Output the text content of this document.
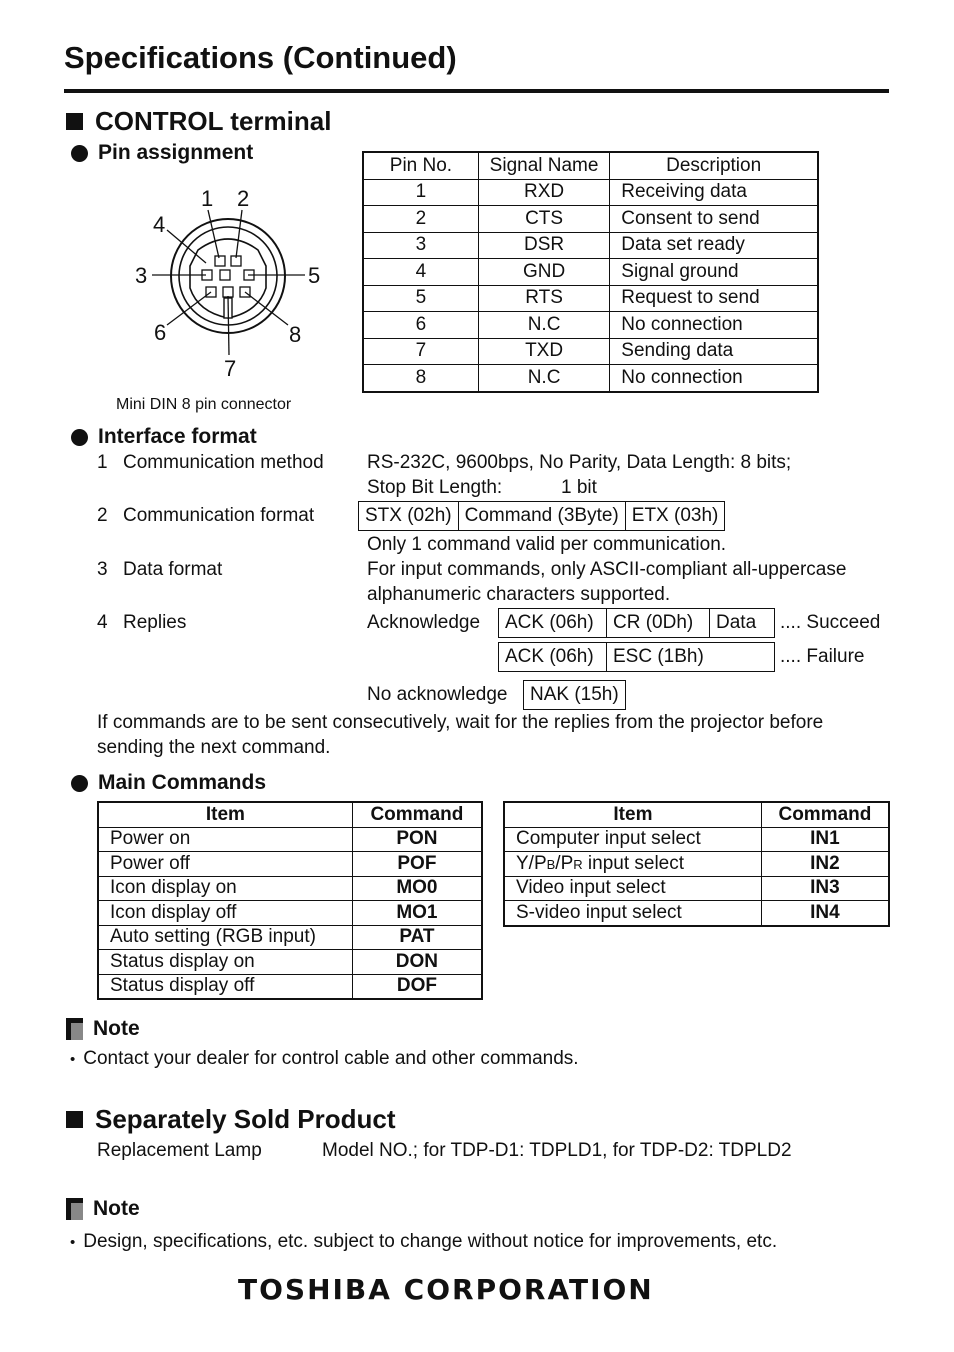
Specifications (Continued)
CONTROL terminal
Pin assignment
1 2
4
3	5
6	8
7
Mini DIN 8 pin connector
Pin No.	Signal Name	Description
1	RXD	Receiving data
2	CTS	Consent to send
3	DSR	Data set ready
4	GND	Signal ground
5	RTS	Request to send
6	N.C	No connection
7	TXD	Sending data
8	N.C	No connection
Interface format
1 Communication method RS-232C, 9600bps, No Parity, Data Length: 8 bits;
Stop Bit Length:	1 bit
2 Communication format	STX (02h) Command (3Byte) ETX (03h)
Only 1 command valid per communication.
3 Data format	For input commands, only ASCII-compliant all-uppercase
alphanumeric characters supported.
4 Replies	Acknowledge	ACK (06h)	CR (0Dh)	Data	.... Succeed
ACK (06h)	ESC (1Bh)	.... Failure
No acknowledge	NAK (15h)
If commands are to be sent consecutively, wait for the replies from the projector before
sending the next command.
Main Commands
Item	Command
Power on	PON
Power off	POF
Icon display on	MO0
Icon display off	MO1
Auto setting (RGB input)	PAT
Status display on	DON
Status display off	DOF
Item	Command
Computer input select	IN1
Y/PB/PR input select	IN2
Video input select	IN3
S-video input select	IN4
Note
• Contact your dealer for control cable and other commands.
Separately Sold Product
Replacement Lamp	Model NO.; for TDP-D1: TDPLD1, for TDP-D2: TDPLD2
Note
• Design, specifications, etc. subject to change without notice for improvements, etc.
TOSHIBA CORPORATION
